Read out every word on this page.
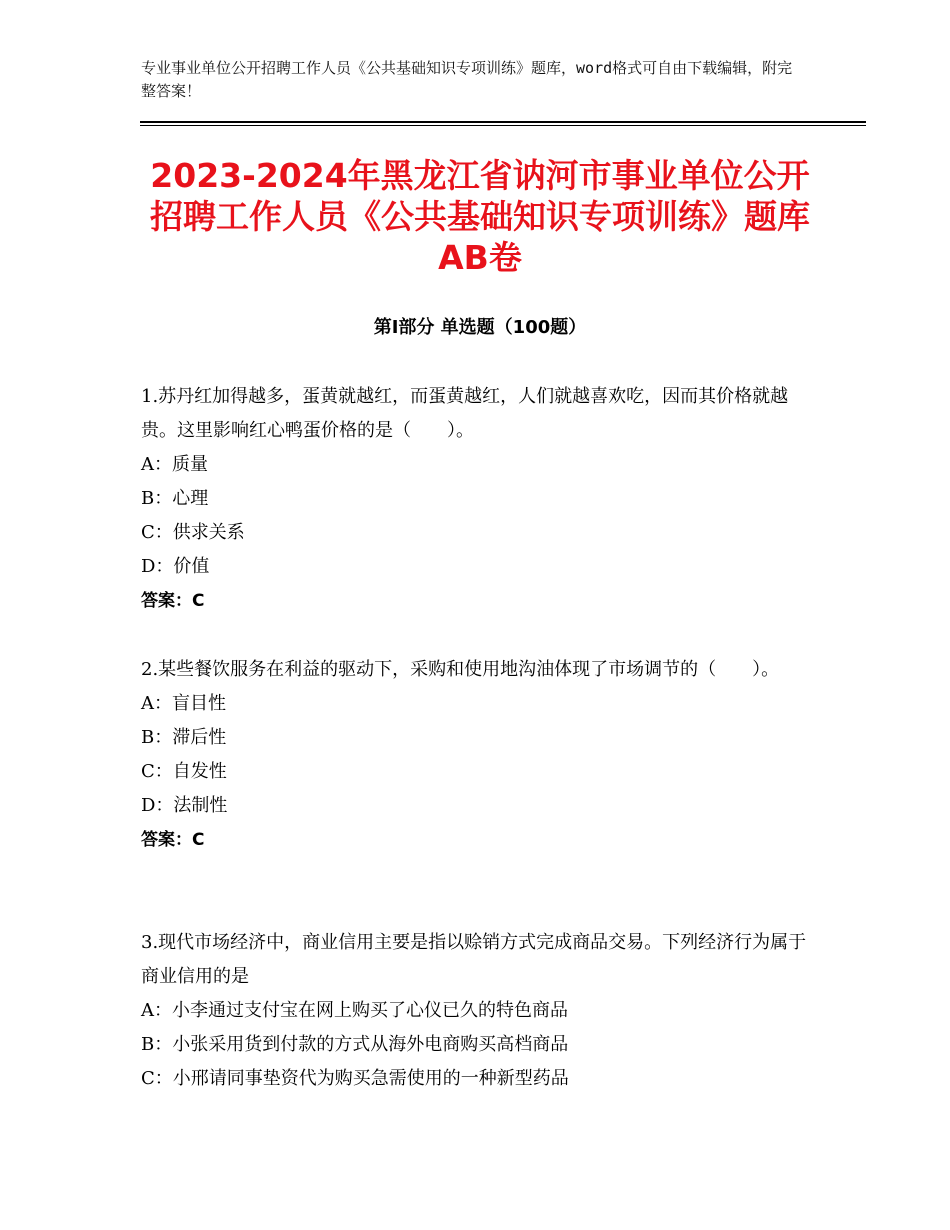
专业事业单位公开招聘工作人员《公共基础知识专项训练》题库，word格式可自由下载编辑，附完整答案！
2023-2024年黑龙江省讷河市事业单位公开招聘工作人员《公共基础知识专项训练》题库AB卷
第I部分 单选题（100题）
1.苏丹红加得越多，蛋黄就越红，而蛋黄越红，人们就越喜欢吃，因而其价格就越贵。这里影响红心鸭蛋价格的是（　　）。
A：质量
B：心理
C：供求关系
D：价值
答案：C
2.某些餐饮服务在利益的驱动下，采购和使用地沟油体现了市场调节的（　　）。
A：盲目性
B：滞后性
C：自发性
D：法制性
答案：C
3.现代市场经济中，商业信用主要是指以赊销方式完成商品交易。下列经济行为属于商业信用的是
A：小李通过支付宝在网上购买了心仪已久的特色商品
B：小张采用货到付款的方式从海外电商购买高档商品
C：小邢请同事垫资代为购买急需使用的一种新型药品
